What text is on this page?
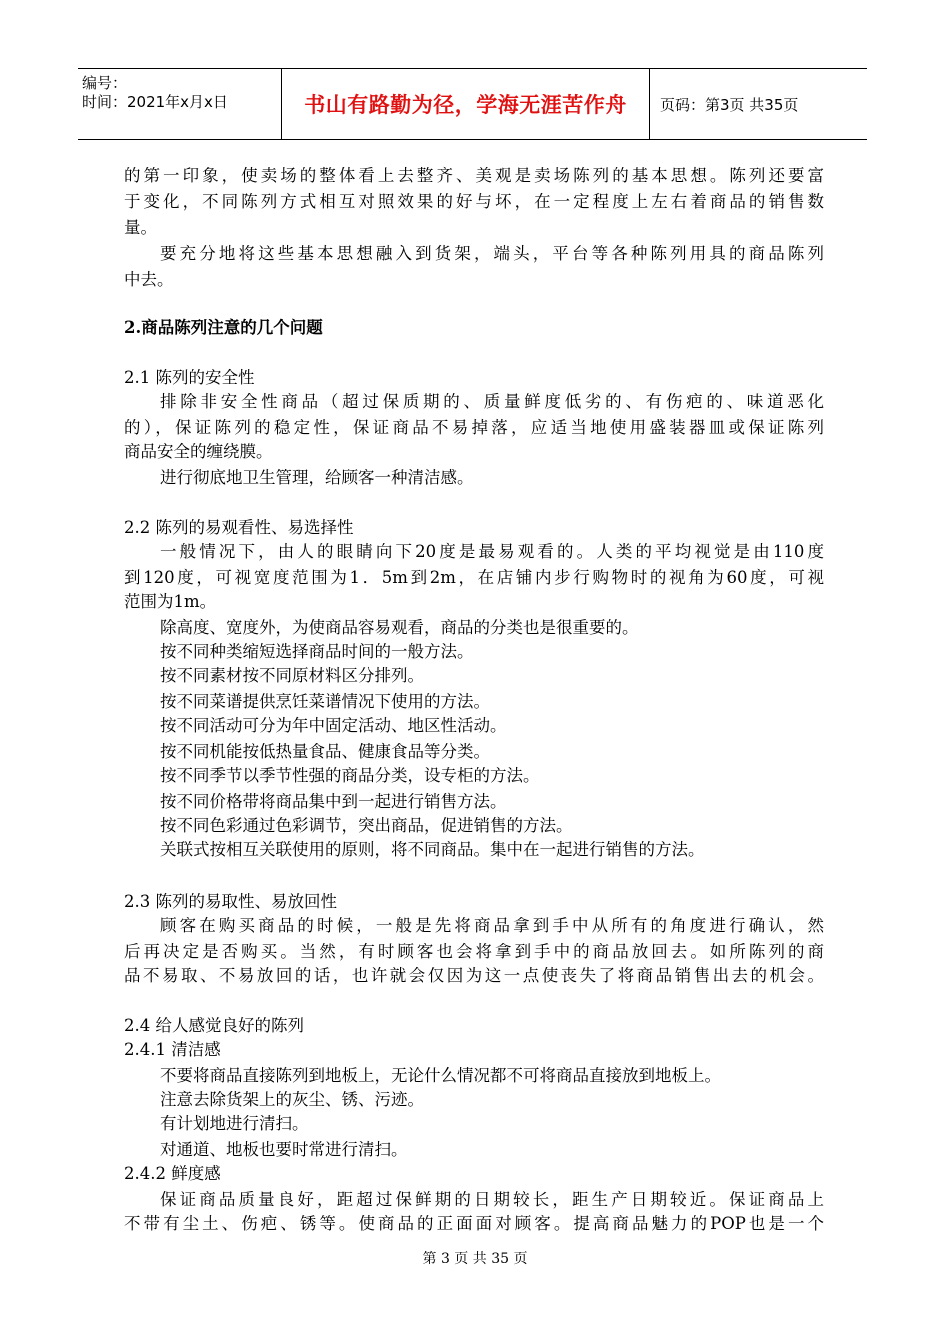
编号：
时间：2021年x月x日	书山有路勤为径，学海无涯苦作舟 页码：第3页 共35页
的第一印象，使卖场的整体看上去整齐、美观是卖场陈列的基本思想。陈列还要富
于变化，不同陈列方式相互对照效果的好与坏，在一定程度上左右着商品的销售数
量。
要充分地将这些基本思想融入到货架，端头，平台等各种陈列用具的商品陈列
中去。
2.商品陈列注意的几个问题
2.1 陈列的安全性
排除非安全性商品（超过保质期的、质量鲜度低劣的、有伤疤的、味道恶化
的），保证陈列的稳定性，保证商品不易掉落，应适当地使用盛装器皿或保证陈列
商品安全的缠绕膜。
进行彻底地卫生管理，给顾客一种清洁感。
2.2 陈列的易观看性、易选择性
一般情况下，由人的眼睛向下20度是最易观看的。人类的平均视觉是由110度
到120度，可视宽度范围为1．5m到2m，在店铺内步行购物时的视角为60度，可视
范围为1m。
除高度、宽度外，为使商品容易观看，商品的分类也是很重要的。
按不同种类缩短选择商品时间的一般方法。
按不同素材按不同原材料区分排列。
按不同菜谱提供烹饪菜谱情况下使用的方法。
按不同活动可分为年中固定活动、地区性活动。
按不同机能按低热量食品、健康食品等分类。
按不同季节以季节性强的商品分类，设专柜的方法。
按不同价格带将商品集中到一起进行销售方法。
按不同色彩通过色彩调节，突出商品，促进销售的方法。
关联式按相互关联使用的原则，将不同商品。集中在一起进行销售的方法。
2.3 陈列的易取性、易放回性
顾客在购买商品的时候，一般是先将商品拿到手中从所有的角度进行确认，然
后再决定是否购买。当然，有时顾客也会将拿到手中的商品放回去。如所陈列的商
品不易取、不易放回的话，也许就会仅因为这一点使丧失了将商品销售出去的机会。
2.4 给人感觉良好的陈列
2.4.1 清洁感
不要将商品直接陈列到地板上，无论什么情况都不可将商品直接放到地板上。
注意去除货架上的灰尘、锈、污迹。
有计划地进行清扫。
对通道、地板也要时常进行清扫。
2.4.2 鲜度感
保证商品质量良好，距超过保鲜期的日期较长，距生产日期较近。保证商品上
不带有尘土、伤疤、锈等。使商品的正面面对顾客。提高商品魅力的POP也是一个
第 3 页 共 35 页
